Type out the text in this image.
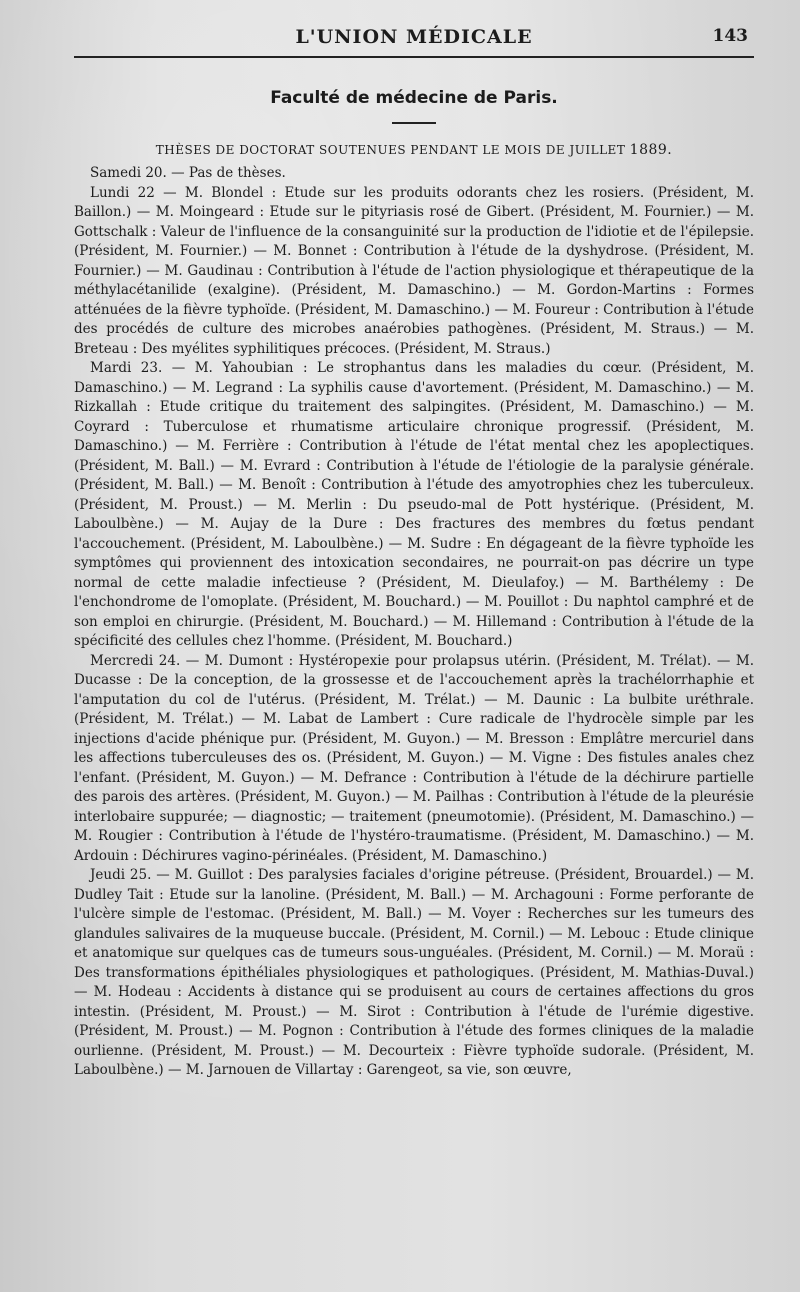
L'UNION MÉDICALE	143
Faculté de médecine de Paris.
THÈSES DE DOCTORAT SOUTENUES PENDANT LE MOIS DE JUILLET 1889.

Samedi 20. — Pas de thèses.

Lundi 22 — M. Blondel : Etude sur les produits odorants chez les rosiers. (Président, M. Baillon.) — M. Moingeard : Etude sur le pityriasis rosé de Gibert. (Président, M. Fournier.) — M. Gottschalk : Valeur de l'influence de la consanguinité sur la production de l'idiotie et de l'épilepsie. (Président, M. Fournier.) — M. Bonnet : Contribution à l'étude de la dyshydrose. (Président, M. Fournier.) — M. Gaudinau : Contribution à l'étude de l'action physiologique et thérapeutique de la méthylacétanilide (exalgine). (Président, M. Damaschino.) — M. Gordon-Martins : Formes atténuées de la fièvre typhoïde. (Président, M. Damaschino.) — M. Foureur : Contribution à l'étude des procédés de culture des microbes anaérobies pathogènes. (Président, M. Straus.) — M. Breteau : Des myélites syphilitiques précoces. (Président, M. Straus.)

Mardi 23. — M. Yahoubian : Le strophantus dans les maladies du cœur. (Président, M. Damaschino.) — M. Legrand : La syphilis cause d'avortement. (Président, M. Damaschino.) — M. Rizkallah : Etude critique du traitement des salpingites. (Président, M. Damaschino.) — M. Coyrard : Tuberculose et rhumatisme articulaire chronique progressif. (Président, M. Damaschino.) — M. Ferrière : Contribution à l'étude de l'état mental chez les apoplectiques. (Président, M. Ball.) — M. Evrard : Contribution à l'étude de l'étiologie de la paralysie générale. (Président, M. Ball.) — M. Benoît : Contribution à l'étude des amyotrophies chez les tuberculeux. (Président, M. Proust.) — M. Merlin : Du pseudo-mal de Pott hystérique. (Président, M. Laboulbène.) — M. Aujay de la Dure : Des fractures des membres du fœtus pendant l'accouchement. (Président, M. Laboulbène.) — M. Sudre : En dégageant de la fièvre typhoïde les symptômes qui proviennent des intoxication secondaires, ne pourrait-on pas décrire un type normal de cette maladie infectieuse ? (Président, M. Dieulafoy.) — M. Barthélemy : De l'enchondrome de l'omoplate. (Président, M. Bouchard.) — M. Pouillot : Du naphtol camphré et de son emploi en chirurgie. (Président, M. Bouchard.) — M. Hillemand : Contribution à l'étude de la spécificité des cellules chez l'homme. (Président, M. Bouchard.)

Mercredi 24. — M. Dumont : Hystéropexie pour prolapsus utérin. (Président, M. Trélat). — M. Ducasse : De la conception, de la grossesse et de l'accouchement après la trachélorrhaphie et l'amputation du col de l'utérus. (Président, M. Trélat.) — M. Daunic : La bulbite uréthrale. (Président, M. Trélat.) — M. Labat de Lambert : Cure radicale de l'hydrocèle simple par les injections d'acide phénique pur. (Président, M. Guyon.) — M. Bresson : Emplâtre mercuriel dans les affections tuberculeuses des os. (Président, M. Guyon.) — M. Vigne : Des fistules anales chez l'enfant. (Président, M. Guyon.) — M. Defrance : Contribution à l'étude de la déchirure partielle des parois des artères. (Président, M. Guyon.) — M. Pailhas : Contribution à l'étude de la pleurésie interlobaire suppurée; — diagnostic; — traitement (pneumotomie). (Président, M. Damaschino.) — M. Rougier : Contribution à l'étude de l'hystéro-traumatisme. (Président, M. Damaschino.) — M. Ardouin : Déchirures vagino-périnéales. (Président, M. Damaschino.)

Jeudi 25. — M. Guillot : Des paralysies faciales d'origine pétreuse. (Président, Brouardel.) — M. Dudley Tait : Etude sur la lanoline. (Président, M. Ball.) — M. Archagouni : Forme perforante de l'ulcère simple de l'estomac. (Président, M. Ball.) — M. Voyer : Recherches sur les tumeurs des glandules salivaires de la muqueuse buccale. (Président, M. Cornil.) — M. Lebouc : Etude clinique et anatomique sur quelques cas de tumeurs sous-unguéales. (Président, M. Cornil.) — M. Moraü : Des transformations épithéliales physiologiques et pathologiques. (Président, M. Mathias-Duval.) — M. Hodeau : Accidents à distance qui se produisent au cours de certaines affections du gros intestin. (Président, M. Proust.) — M. Sirot : Contribution à l'étude de l'urémie digestive. (Président, M. Proust.) — M. Pognon : Contribution à l'étude des formes cliniques de la maladie ourlienne. (Président, M. Proust.) — M. Decourteix : Fièvre typhoïde sudorale. (Président, M. Laboulbène.) — M. Jarnouen de Villartay : Garengeot, sa vie, son œuvre,
